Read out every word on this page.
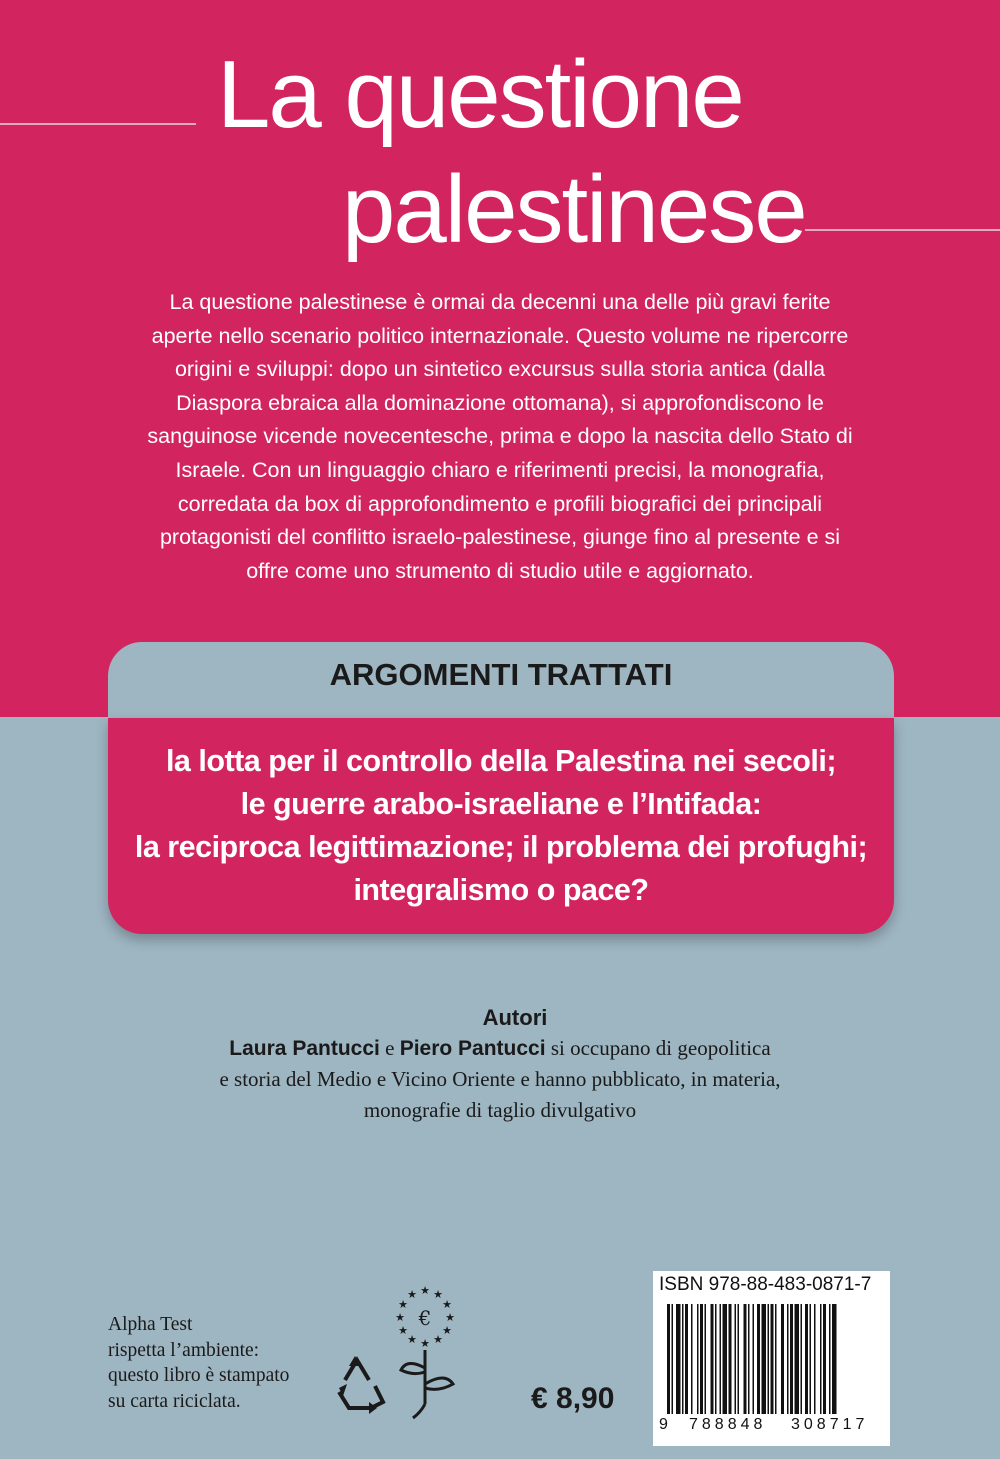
La questione
palestinese
La questione palestinese è ormai da decenni una delle più gravi ferite
aperte nello scenario politico internazionale. Questo volume ne ripercorre
origini e sviluppi: dopo un sintetico excursus sulla storia antica (dalla
Diaspora ebraica alla dominazione ottomana), si approfondiscono le
sanguinose vicende novecentesche, prima e dopo la nascita dello Stato di
Israele. Con un linguaggio chiaro e riferimenti precisi, la monografia,
corredata da box di approfondimento e profili biografici dei principali
protagonisti del conflitto israelo-palestinese, giunge fino al presente e si
offre come uno strumento di studio utile e aggiornato.
ARGOMENTI TRATTATI
la lotta per il controllo della Palestina nei secoli;
le guerre arabo-israeliane e l’Intifada:
la reciproca legittimazione; il problema dei profughi;
integralismo o pace?
Autori
Laura Pantucci e Piero Pantucci si occupano di geopolitica
e storia del Medio e Vicino Oriente e hanno pubblicato, in materia,
monografie di taglio divulgativo
Alpha Test
rispetta l’ambiente:
questo libro è stampato
su carta riciclata.
★ ★
★
★
★
★
★
★
★
★
★
★
€
€ 8,90
ISBN 978-88-483-0871-7
9 788848 308717
